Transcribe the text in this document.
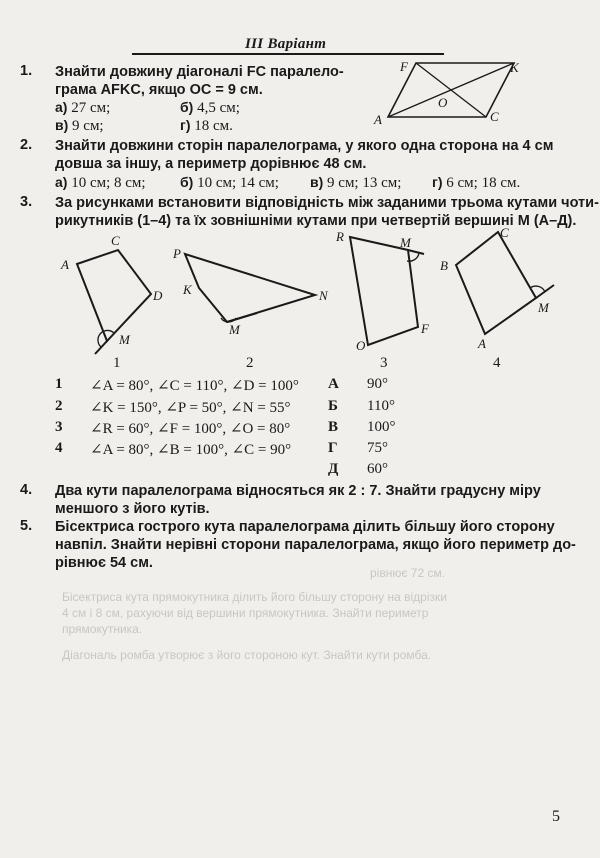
III Варіант
рівнює 72 см.
Бісектриса кута прямокутника ділить його більшу сторону на відрізки
4 см і 8 см, рахуючи від вершини прямокутника. Знайти периметр
прямокутника.
Діагональ ромба утворює з його стороною кут. Знайти кути ромба.
1. Знайти довжину діагоналі FC паралело-
грама AFKC, якщо OC = 9 см.
а) 27 см;	б) 4,5 см;
в) 9 см;	г) 18 см.
F	K
O
A	C
2. Знайти довжини сторін паралелограма, у якого одна сторона на 4 см
довша за іншу, а периметр дорівнює 48 см.
а) 10 см; 8 см; б) 10 см; 14 см; в) 9 см; 13 см; г) 6 см; 18 см.
3. За рисунками встановити відповідність між заданими трьома кутами чоти-
рикутників (1–4) та їх зовнішніми кутами при четвертій вершині M (А–Д).
A
C
D
M
P
K	N
M
R	M
O
F
B
C
M
A
1	2	3	4
1 ∠A = 80°, ∠C = 110°, ∠D = 100°
2 ∠K = 150°, ∠P = 50°, ∠N = 55°
3 ∠R = 60°, ∠F = 100°, ∠O = 80°
4 ∠A = 80°, ∠B = 100°, ∠C = 90°
А 90°
Б 110°
В 100°
Г 75°
Д 60°
4. Два кути паралелограма відносяться як 2 : 7. Знайти градусну міру
меншого з його кутів.
5. Бісектриса гострого кута паралелограма ділить більшу його сторону
навпіл. Знайти нерівні сторони паралелограма, якщо його периметр до-
рівнює 54 см.
5
